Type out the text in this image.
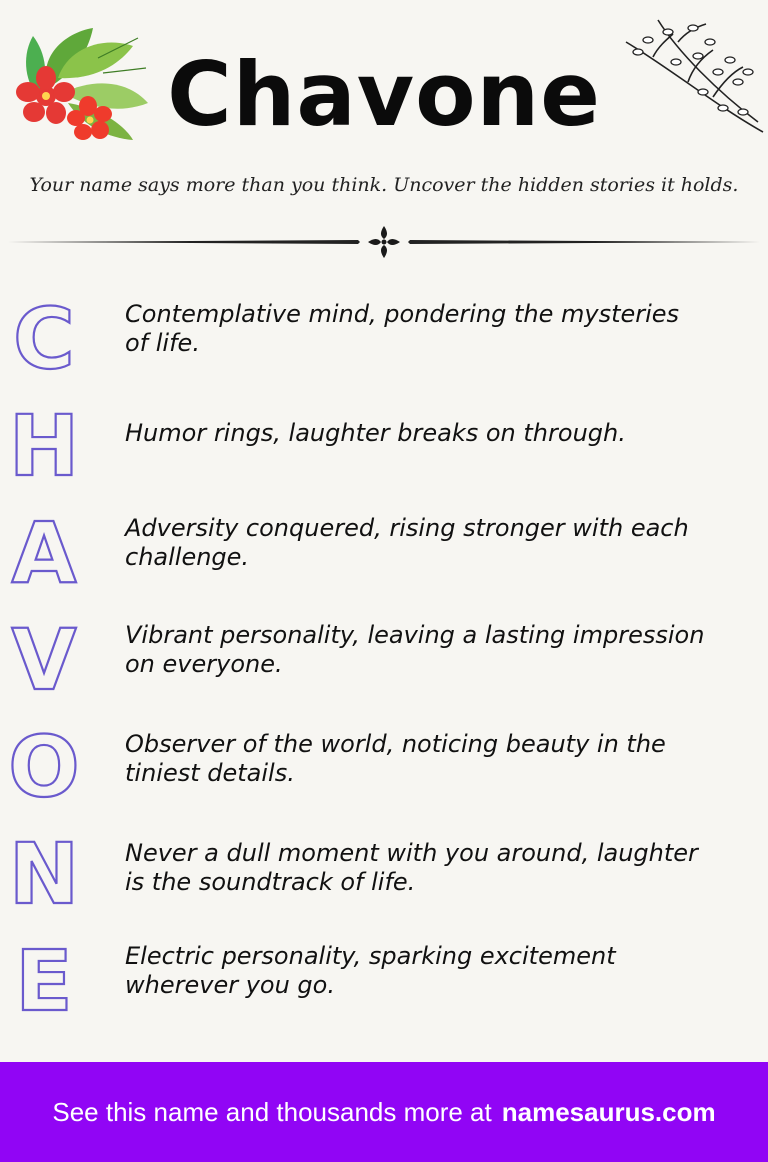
Chavone
Your name says more than you think. Uncover the hidden stories it holds.
C Contemplative mind, pondering the mysteries of life.
H Humor rings, laughter breaks on through.
A Adversity conquered, rising stronger with each challenge.
V Vibrant personality, leaving a lasting impression on everyone.
O Observer of the world, noticing beauty in the tiniest details.
N Never a dull moment with you around, laughter is the soundtrack of life.
E Electric personality, sparking excitement wherever you go.
See this name and thousands more at namesaurus.com
